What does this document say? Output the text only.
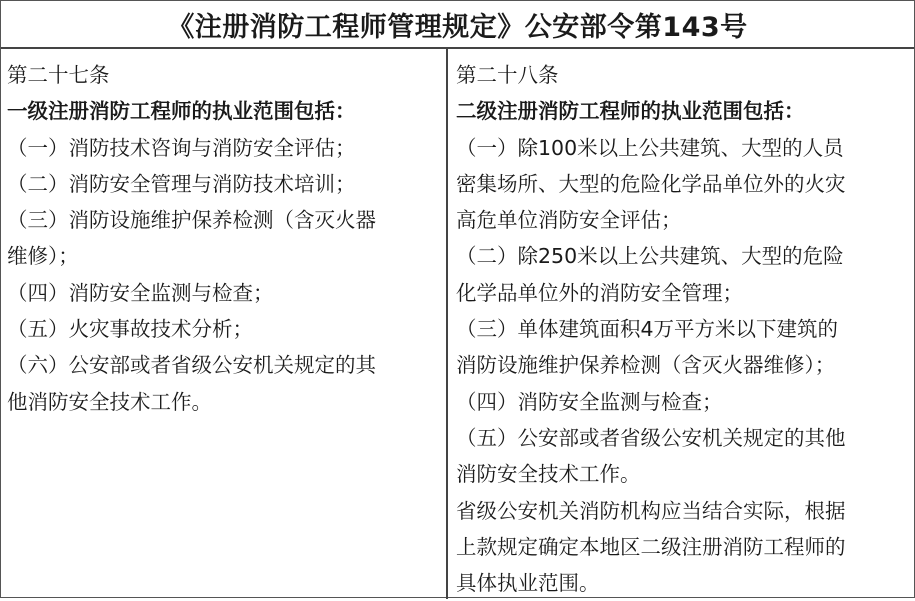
《注册消防工程师管理规定》公安部令第143号
第二十七条
一级注册消防工程师的执业范围包括：
（一）消防技术咨询与消防安全评估；
（二）消防安全管理与消防技术培训；
（三）消防设施维护保养检测（含灭火器
维修）；
（四）消防安全监测与检查；
（五）火灾事故技术分析；
（六）公安部或者省级公安机关规定的其
他消防安全技术工作。
第二十八条
二级注册消防工程师的执业范围包括：
（一）除100米以上公共建筑、大型的人员
密集场所、大型的危险化学品单位外的火灾
高危单位消防安全评估；
（二）除250米以上公共建筑、大型的危险
化学品单位外的消防安全管理；
（三）单体建筑面积4万平方米以下建筑的
消防设施维护保养检测（含灭火器维修）；
（四）消防安全监测与检查；
（五）公安部或者省级公安机关规定的其他
消防安全技术工作。
省级公安机关消防机构应当结合实际，根据
上款规定确定本地区二级注册消防工程师的
具体执业范围。
